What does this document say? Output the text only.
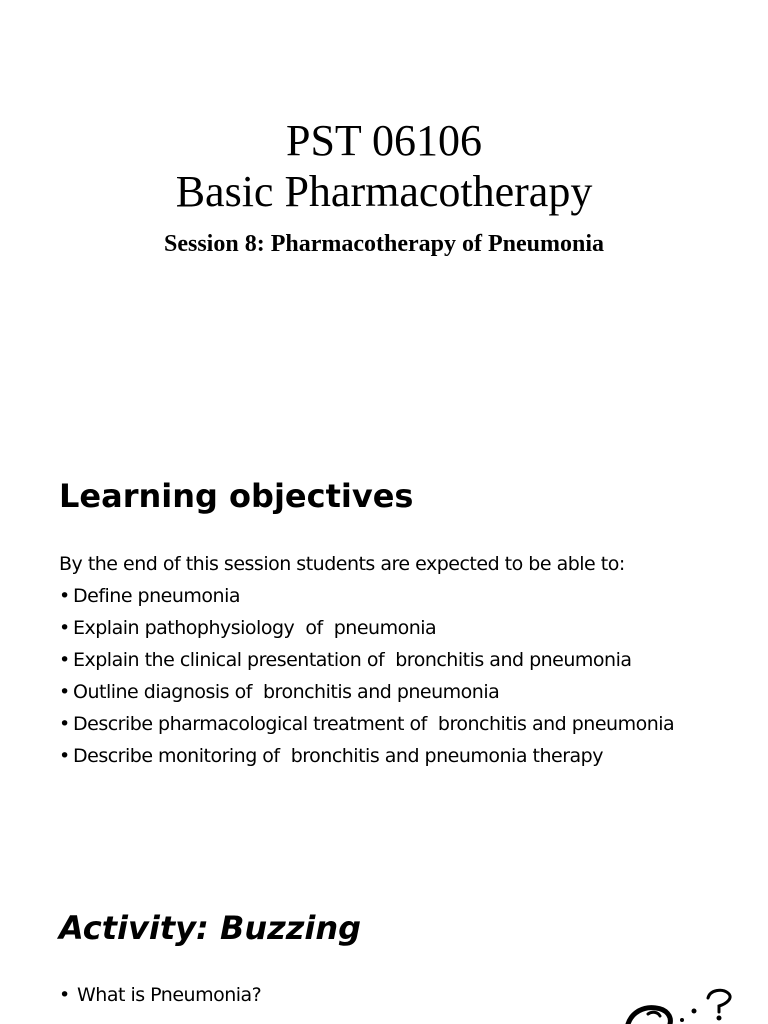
PST 06106
Basic Pharmacotherapy
Session 8: Pharmacotherapy of Pneumonia
Learning objectives
By the end of this session students are expected to be able to:
• Define pneumonia
• Explain pathophysiology  of  pneumonia
• Explain the clinical presentation of  bronchitis and pneumonia
• Outline diagnosis of  bronchitis and pneumonia
• Describe pharmacological treatment of  bronchitis and pneumonia
• Describe monitoring of  bronchitis and pneumonia therapy
Activity: Buzzing
• What is Pneumonia?
